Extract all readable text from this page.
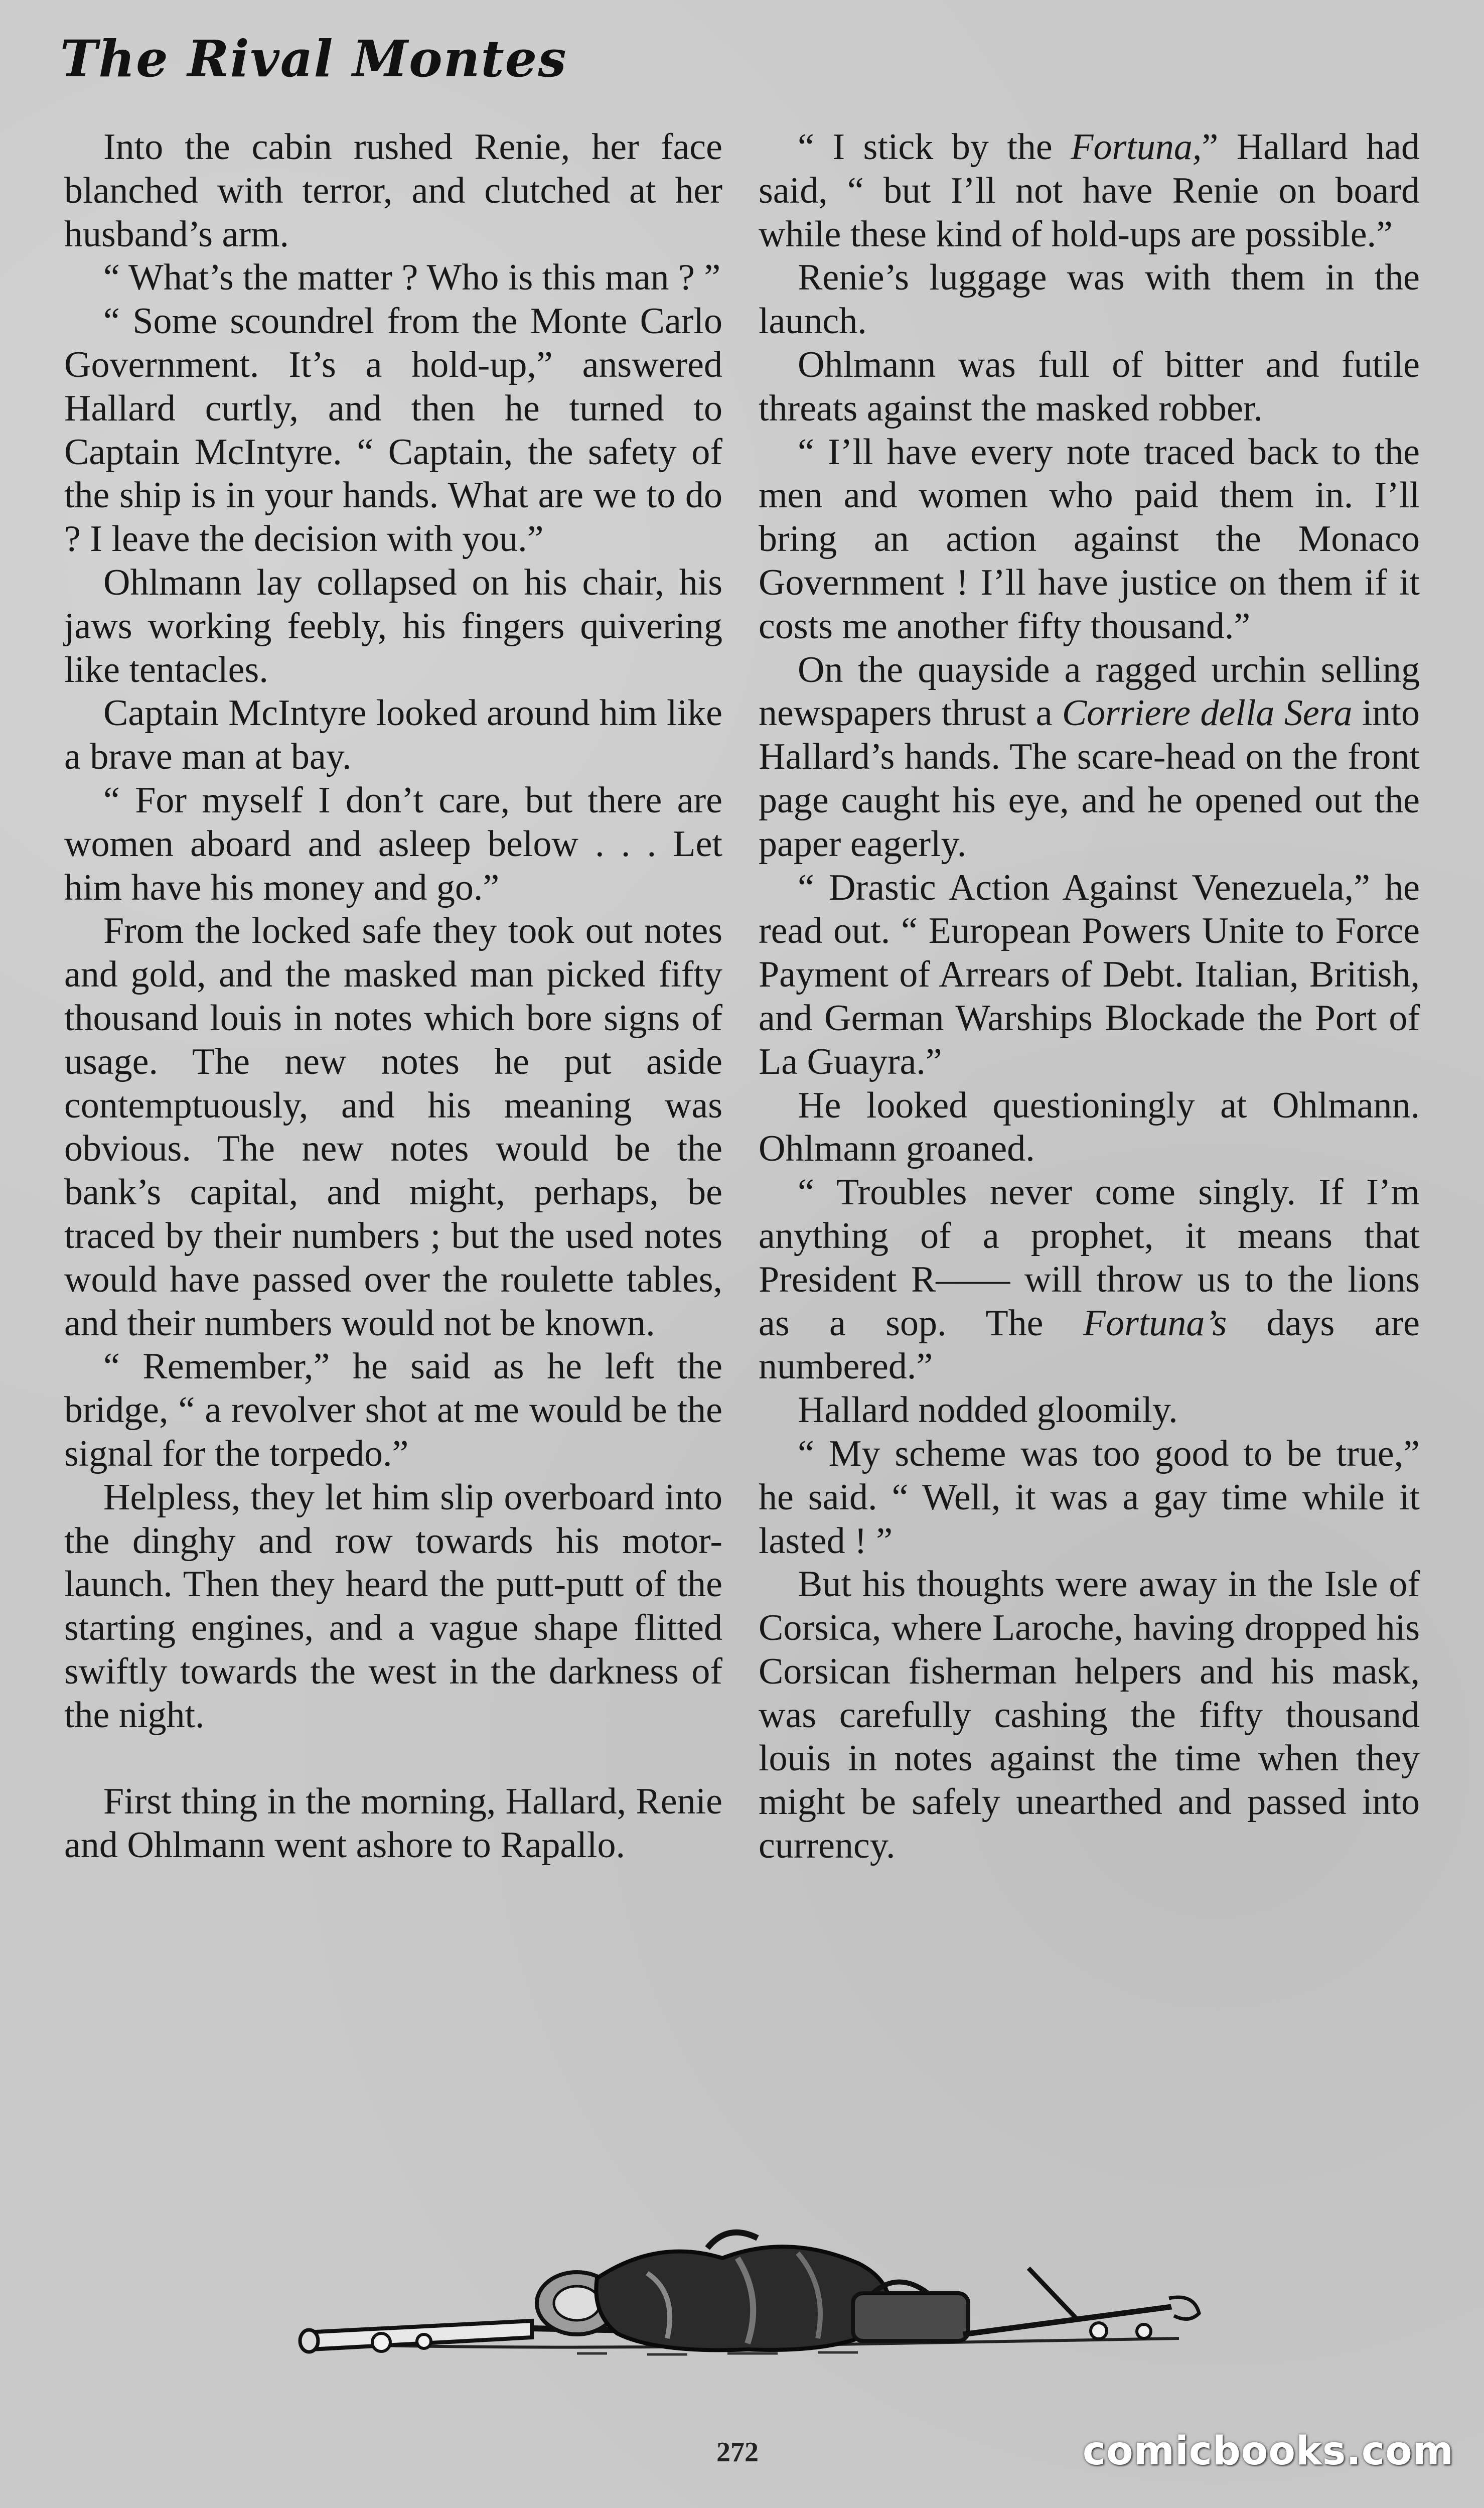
The Rival Montes

Into the cabin rushed Renie, her face blanched with terror, and clutched at her husband’s arm.

“ What’s the matter ? Who is this man ? ”

“ Some scoundrel from the Monte Carlo Government. It’s a hold-up,” answered Hallard curtly, and then he turned to Captain McIntyre. “ Captain, the safety of the ship is in your hands. What are we to do ? I leave the decision with you.”

Ohlmann lay collapsed on his chair, his jaws working feebly, his fingers quivering like tentacles.

Captain McIntyre looked around him like a brave man at bay.

“ For myself I don’t care, but there are women aboard and asleep below . . . Let him have his money and go.”

From the locked safe they took out notes and gold, and the masked man picked fifty thousand louis in notes which bore signs of usage. The new notes he put aside contemptuously, and his meaning was obvious. The new notes would be the bank’s capital, and might, perhaps, be traced by their numbers ; but the used notes would have passed over the roulette tables, and their numbers would not be known.

“ Remember,” he said as he left the bridge, “ a revolver shot at me would be the signal for the torpedo.”

Helpless, they let him slip overboard into the dinghy and row towards his motor-launch. Then they heard the putt-putt of the starting engines, and a vague shape flitted swiftly towards the west in the darkness of the night.

First thing in the morning, Hallard, Renie and Ohlmann went ashore to Rapallo.

“ I stick by the Fortuna,” Hallard had said, “ but I’ll not have Renie on board while these kind of hold-ups are possible.”

Renie’s luggage was with them in the launch.

Ohlmann was full of bitter and futile threats against the masked robber.

“ I’ll have every note traced back to the men and women who paid them in. I’ll bring an action against the Monaco Government ! I’ll have justice on them if it costs me another fifty thousand.”

On the quayside a ragged urchin selling newspapers thrust a Corriere della Sera into Hallard’s hands. The scare-head on the front page caught his eye, and he opened out the paper eagerly.

“ Drastic Action Against Venezuela,” he read out. “ European Powers Unite to Force Payment of Arrears of Debt. Italian, British, and German Warships Blockade the Port of La Guayra.”

He looked questioningly at Ohlmann. Ohlmann groaned.

“ Troubles never come singly. If I’m anything of a prophet, it means that President R—— will throw us to the lions as a sop. The Fortuna’s days are numbered.”

Hallard nodded gloomily.

“ My scheme was too good to be true,” he said. “ Well, it was a gay time while it lasted ! ”

But his thoughts were away in the Isle of Corsica, where Laroche, having dropped his Corsican fisherman helpers and his mask, was carefully cashing the fifty thousand louis in notes against the time when they might be safely unearthed and passed into currency.

272	comicbooks.com
